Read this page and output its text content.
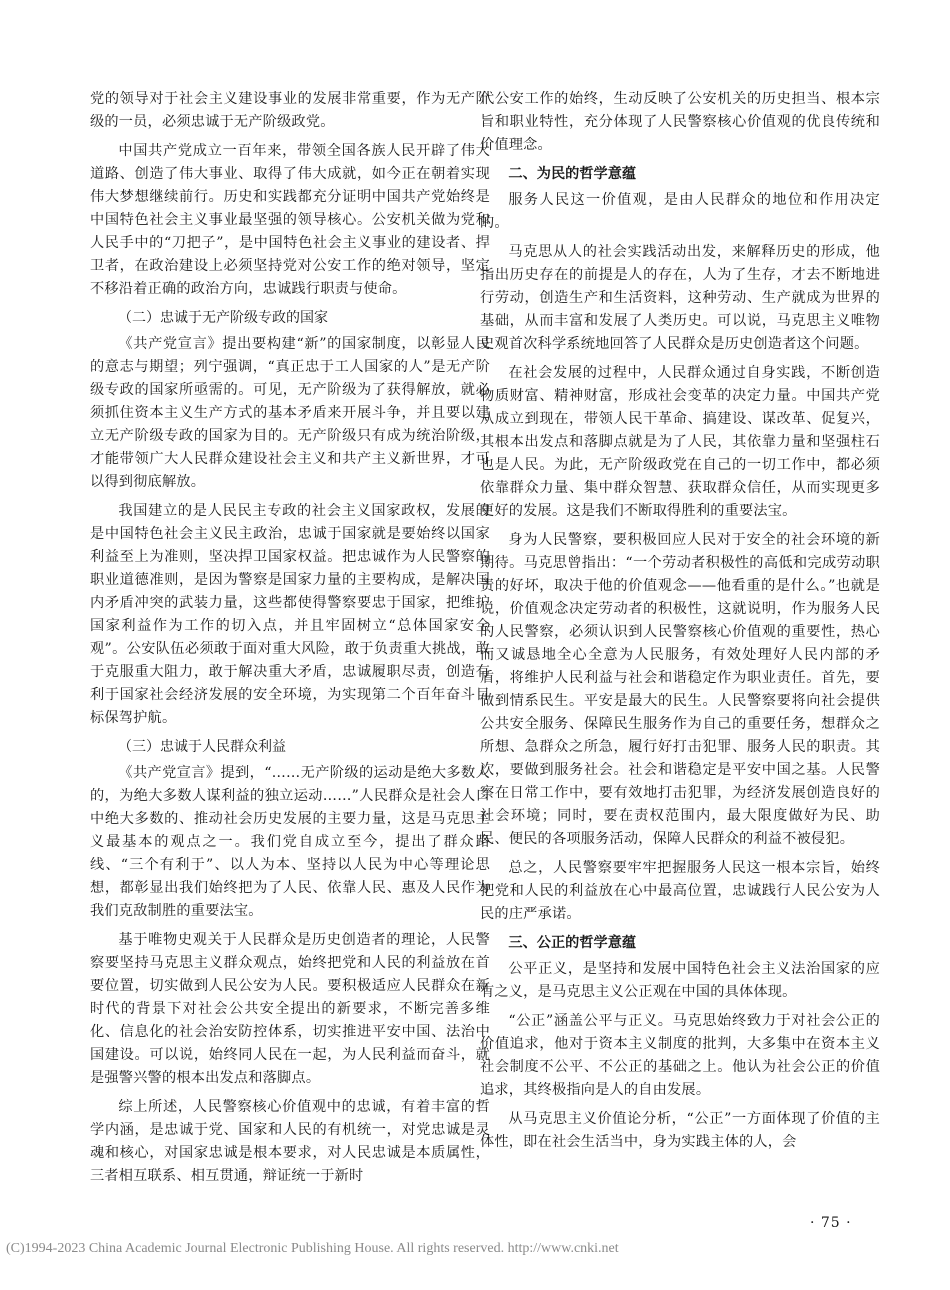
党的领导对于社会主义建设事业的发展非常重要，作为无产阶级的一员，必须忠诚于无产阶级政党。

中国共产党成立一百年来，带领全国各族人民开辟了伟大道路、创造了伟大事业、取得了伟大成就，如今正在朝着实现伟大梦想继续前行。历史和实践都充分证明中国共产党始终是中国特色社会主义事业最坚强的领导核心。公安机关做为党和人民手中的“刀把子”，是中国特色社会主义事业的建设者、捍卫者，在政治建设上必须坚持党对公安工作的绝对领导，坚定不移沿着正确的政治方向，忠诚践行职责与使命。

（二）忠诚于无产阶级专政的国家

《共产党宣言》提出要构建“新”的国家制度，以彰显人民的意志与期望；列宁强调，“真正忠于工人国家的人”是无产阶级专政的国家所亟需的。可见，无产阶级为了获得解放，就必须抓住资本主义生产方式的基本矛盾来开展斗争，并且要以建立无产阶级专政的国家为目的。无产阶级只有成为统治阶级，才能带领广大人民群众建设社会主义和共产主义新世界，才可以得到彻底解放。

我国建立的是人民民主专政的社会主义国家政权，发展的是中国特色社会主义民主政治，忠诚于国家就是要始终以国家利益至上为准则，坚决捍卫国家权益。把忠诚作为人民警察的职业道德准则，是因为警察是国家力量的主要构成，是解决国内矛盾冲突的武装力量，这些都使得警察要忠于国家，把维护国家利益作为工作的切入点，并且牢固树立“总体国家安全观”。公安队伍必须敢于面对重大风险，敢于负责重大挑战，敢于克服重大阻力，敢于解决重大矛盾，忠诚履职尽责，创造有利于国家社会经济发展的安全环境，为实现第二个百年奋斗目标保驾护航。

（三）忠诚于人民群众利益

《共产党宣言》提到，“……无产阶级的运动是绝大多数人的，为绝大多数人谋利益的独立运动……”人民群众是社会人口中绝大多数的、推动社会历史发展的主要力量，这是马克思主义最基本的观点之一。我们党自成立至今，提出了群众路线、“三个有利于”、以人为本、坚持以人民为中心等理论思想，都彰显出我们始终把为了人民、依靠人民、惠及人民作为我们克敌制胜的重要法宝。

基于唯物史观关于人民群众是历史创造者的理论，人民警察要坚持马克思主义群众观点，始终把党和人民的利益放在首要位置，切实做到人民公安为人民。要积极适应人民群众在新时代的背景下对社会公共安全提出的新要求，不断完善多维化、信息化的社会治安防控体系，切实推进平安中国、法治中国建设。可以说，始终同人民在一起，为人民利益而奋斗，就是强警兴警的根本出发点和落脚点。

综上所述，人民警察核心价值观中的忠诚，有着丰富的哲学内涵，是忠诚于党、国家和人民的有机统一，对党忠诚是灵魂和核心，对国家忠诚是根本要求，对人民忠诚是本质属性，三者相互联系、相互贯通，辩证统一于新时

代公安工作的始终，生动反映了公安机关的历史担当、根本宗旨和职业特性，充分体现了人民警察核心价值观的优良传统和价值理念。

二、为民的哲学意蕴

服务人民这一价值观，是由人民群众的地位和作用决定的。

马克思从人的社会实践活动出发，来解释历史的形成，他指出历史存在的前提是人的存在，人为了生存，才去不断地进行劳动，创造生产和生活资料，这种劳动、生产就成为世界的基础，从而丰富和发展了人类历史。可以说，马克思主义唯物史观首次科学系统地回答了人民群众是历史创造者这个问题。

在社会发展的过程中，人民群众通过自身实践，不断创造物质财富、精神财富，形成社会变革的决定力量。中国共产党从成立到现在，带领人民干革命、搞建设、谋改革、促复兴，其根本出发点和落脚点就是为了人民，其依靠力量和坚强柱石也是人民。为此，无产阶级政党在自己的一切工作中，都必须依靠群众力量、集中群众智慧、获取群众信任，从而实现更多更好的发展。这是我们不断取得胜利的重要法宝。

身为人民警察，要积极回应人民对于安全的社会环境的新期待。马克思曾指出：“一个劳动者积极性的高低和完成劳动职责的好坏，取决于他的价值观念——他看重的是什么。”也就是说，价值观念决定劳动者的积极性，这就说明，作为服务人民的人民警察，必须认识到人民警察核心价值观的重要性，热心而又诚恳地全心全意为人民服务，有效处理好人民内部的矛盾，将维护人民利益与社会和谐稳定作为职业责任。首先，要做到情系民生。平安是最大的民生。人民警察要将向社会提供公共安全服务、保障民生服务作为自己的重要任务，想群众之所想、急群众之所急，履行好打击犯罪、服务人民的职责。其次，要做到服务社会。社会和谐稳定是平安中国之基。人民警察在日常工作中，要有效地打击犯罪，为经济发展创造良好的社会环境；同时，要在责权范围内，最大限度做好为民、助民、便民的各项服务活动，保障人民群众的利益不被侵犯。

总之，人民警察要牢牢把握服务人民这一根本宗旨，始终把党和人民的利益放在心中最高位置，忠诚践行人民公安为人民的庄严承诺。

三、公正的哲学意蕴

公平正义，是坚持和发展中国特色社会主义法治国家的应有之义，是马克思主义公正观在中国的具体体现。

“公正”涵盖公平与正义。马克思始终致力于对社会公正的价值追求，他对于资本主义制度的批判，大多集中在资本主义社会制度不公平、不公正的基础之上。他认为社会公正的价值追求，其终极指向是人的自由发展。

从马克思主义价值论分析，“公正”一方面体现了价值的主体性，即在社会生活当中，身为实践主体的人，会

· 75 ·
(C)1994-2023 China Academic Journal Electronic Publishing House. All rights reserved. http://www.cnki.net
